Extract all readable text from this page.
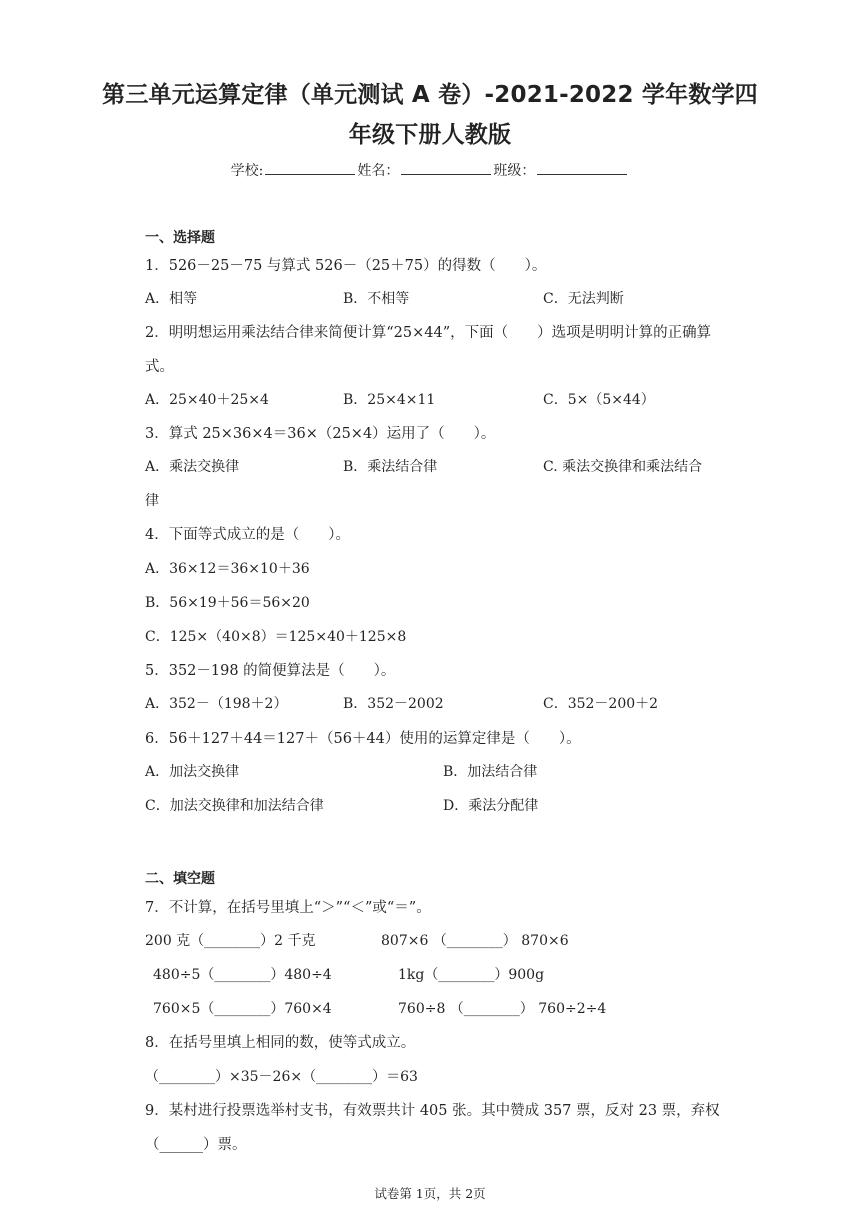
第三单元运算定律（单元测试 A 卷）-2021-2022 学年数学四
年级下册人教版
学校:	姓名：	班级：
一、选择题
1．526－25－75 与算式 526－（25＋75）的得数（　　）。
A．相等	B．不相等	C．无法判断
2．明明想运用乘法结合律来简便计算“25×44”，下面（　　）选项是明明计算的正确算
式。
A．25×40＋25×4	B．25×4×11	C．5×（5×44）
3．算式 25×36×4＝36×（25×4）运用了（　　）。
A．乘法交换律	B．乘法结合律	C. 乘法交换律和乘法结合
律
4．下面等式成立的是（　　）。
A．36×12＝36×10＋36
B．56×19＋56＝56×20
C．125×（40×8）＝125×40＋125×8
5．352－198 的简便算法是（　　）。
A．352－（198＋2）	B．352－2002	C．352－200＋2
6．56＋127＋44＝127＋（56＋44）使用的运算定律是（　　）。
A．加法交换律	B．加法结合律
C．加法交换律和加法结合律	D．乘法分配律
二、填空题
7．不计算，在括号里填上“＞”“＜”或“＝”。
200 克（________）2 千克	807×6 （________） 870×6
480÷5（________）480÷4	1kg（________）900g
760×5（________）760×4	760÷8 （________） 760÷2÷4
8．在括号里填上相同的数，使等式成立。
（________）×35－26×（________）＝63
9．某村进行投票选举村支书，有效票共计 405 张。其中赞成 357 票，反对 23 票，弃权
（______）票。
试卷第 1页，共 2页
